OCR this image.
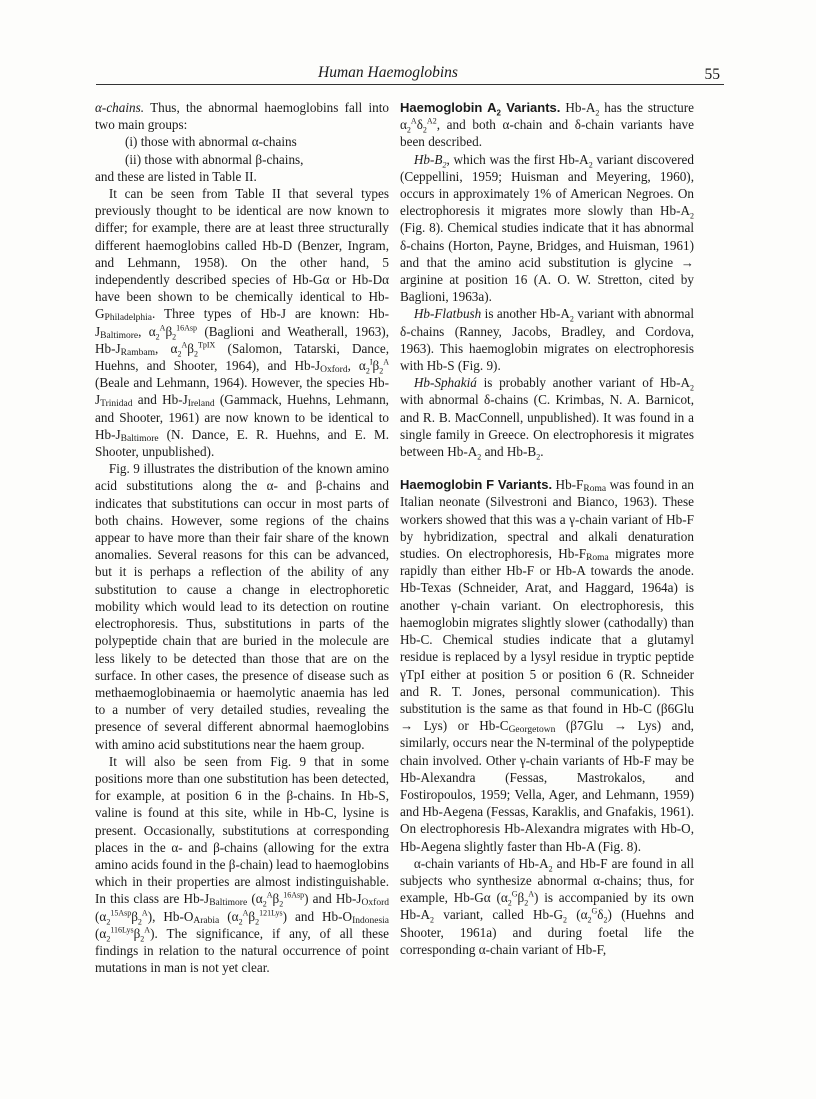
Human Haemoglobins	55

α-chains. Thus, the abnormal haemoglobins fall into two main groups:

(i) those with abnormal α-chains
(ii) those with abnormal β-chains,

and these are listed in Table II.

It can be seen from Table II that several types previously thought to be identical are now known to differ; for example, there are at least three structurally different haemoglobins called Hb-D (Benzer, Ingram, and Lehmann, 1958). On the other hand, 5 independently described species of Hb-Gα or Hb-Dα have been shown to be chemically identical to $Hb-G_{Philadelphia}$. Three types of Hb-J are known: $Hb-J_{Baltimore}$, $\alpha_2^A\beta_2^{16Asp}$ (Baglioni and Weatherall, 1963), $Hb-J_{Rambam}$, $\alpha_2^A\beta_2^{TpIX}$ (Salomon, Tatarski, Dance, Huehns, and Shooter, 1964), and $Hb-J_{Oxford}$, $\alpha_2^I\beta_2^A$ (Beale and Lehmann, 1964). However, the species $Hb-J_{Trinidad}$ and $Hb-J_{Ireland}$ (Gammack, Huehns, Lehmann, and Shooter, 1961) are now known to be identical to $Hb-J_{Baltimore}$ (N. Dance, E. R. Huehns, and E. M. Shooter, unpublished).

Fig. 9 illustrates the distribution of the known amino acid substitutions along the α- and β-chains and indicates that substitutions can occur in most parts of both chains. However, some regions of the chains appear to have more than their fair share of the known anomalies. Several reasons for this can be advanced, but it is perhaps a reflection of the ability of any substitution to cause a change in electrophoretic mobility which would lead to its detection on routine electrophoresis. Thus, substitutions in parts of the polypeptide chain that are buried in the molecule are less likely to be detected than those that are on the surface. In other cases, the presence of disease such as methaemoglobinaemia or haemolytic anaemia has led to a number of very detailed studies, revealing the presence of several different abnormal haemoglobins with amino acid substitutions near the haem group.

It will also be seen from Fig. 9 that in some positions more than one substitution has been detected, for example, at position 6 in the β-chains. In Hb-S, valine is found at this site, while in Hb-C, lysine is present. Occasionally, substitutions at corresponding places in the α- and β-chains (allowing for the extra amino acids found in the β-chain) lead to haemoglobins which in their properties are almost indistinguishable. In this class are $Hb-J_{Baltimore}$ $(\alpha_2^A\beta_2^{16Asp})$ and $Hb-J_{Oxford}$ $(\alpha_2^{15Asp}\beta_2^A)$, $Hb-O_{Arabia}$ $(\alpha_2^A\beta_2^{121Lys})$ and $Hb-O_{Indonesia}$ $(\alpha_2^{116Lys}\beta_2^A)$. The significance, if any, of all these findings in relation to the natural occurrence of point mutations in man is not yet clear.

Haemoglobin $A_2$ Variants. $Hb-A_2$ has the structure $\alpha_2^A\delta_2^{A2}$, and both α-chain and δ-chain variants have been described.

$Hb-B_2$, which was the first $Hb-A_2$ variant discovered (Ceppellini, 1959; Huisman and Meyering, 1960), occurs in approximately 1% of American Negroes. On electrophoresis it migrates more slowly than $Hb-A_2$ (Fig. 8). Chemical studies indicate that it has abnormal δ-chains (Horton, Payne, Bridges, and Huisman, 1961) and that the amino acid substitution is glycine → arginine at position 16 (A. O. W. Stretton, cited by Baglioni, 1963a).

Hb-Flatbush is another $Hb-A_2$ variant with abnormal δ-chains (Ranney, Jacobs, Bradley, and Cordova, 1963). This haemoglobin migrates on electrophoresis with Hb-S (Fig. 9).

Hb-Sphakiá is probably another variant of $Hb-A_2$ with abnormal δ-chains (C. Krimbas, N. A. Barnicot, and R. B. MacConnell, unpublished). It was found in a single family in Greece. On electrophoresis it migrates between $Hb-A_2$ and $Hb-B_2$.

Haemoglobin F Variants. $Hb-F_{Roma}$ was found in an Italian neonate (Silvestroni and Bianco, 1963). These workers showed that this was a γ-chain variant of Hb-F by hybridization, spectral and alkali denaturation studies. On electrophoresis, $Hb-F_{Roma}$ migrates more rapidly than either Hb-F or Hb-A towards the anode. Hb-Texas (Schneider, Arat, and Haggard, 1964a) is another γ-chain variant. On electrophoresis, this haemoglobin migrates slightly slower (cathodally) than Hb-C. Chemical studies indicate that a glutamyl residue is replaced by a lysyl residue in tryptic peptide γTpI either at position 5 or position 6 (R. Schneider and R. T. Jones, personal communication). This substitution is the same as that found in Hb-C (β6Glu → Lys) or $Hb-C_{Georgetown}$ (β7Glu → Lys) and, similarly, occurs near the N-terminal of the polypeptide chain involved. Other γ-chain variants of Hb-F may be Hb-Alexandra (Fessas, Mastrokalos, and Fostiropoulos, 1959; Vella, Ager, and Lehmann, 1959) and Hb-Aegena (Fessas, Karaklis, and Gnafakis, 1961). On electrophoresis Hb-Alexandra migrates with Hb-O, Hb-Aegena slightly faster than Hb-A (Fig. 8).

α-chain variants of $Hb-A_2$ and Hb-F are found in all subjects who synthesize abnormal α-chains; thus, for example, Hb-Gα $(\alpha_2^G\beta_2^A)$ is accompanied by its own $Hb-A_2$ variant, called $Hb-G_2$ $(\alpha_2^G\delta_2)$ (Huehns and Shooter, 1961a) and during foetal life the corresponding α-chain variant of Hb-F,
